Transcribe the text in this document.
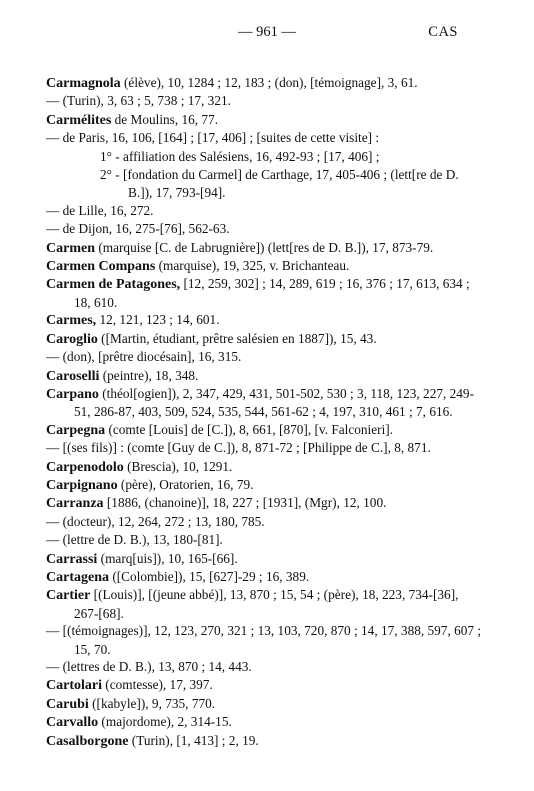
— 961 —	CAS
Carmagnola (élève), 10, 1284 ; 12, 183 ; (don), [témoignage], 3, 61.
— (Turin), 3, 63 ; 5, 738 ; 17, 321.
Carmélites de Moulins, 16, 77.
— de Paris, 16, 106, [164] ; [17, 406] ; [suites de cette visite] :
1° - affiliation des Salésiens, 16, 492-93 ; [17, 406] ;
2° - [fondation du Carmel] de Carthage, 17, 405-406 ; (lett[re de D. B.]), 17, 793-[94].
— de Lille, 16, 272.
— de Dijon, 16, 275-[76], 562-63.
Carmen (marquise [C. de Labrugnière]) (lett[res de D. B.]), 17, 873-79.
Carmen Compans (marquise), 19, 325, v. Brichanteau.
Carmen de Patagones, [12, 259, 302] ; 14, 289, 619 ; 16, 376 ; 17, 613, 634 ; 18, 610.
Carmes, 12, 121, 123 ; 14, 601.
Caroglio ([Martin, étudiant, prêtre salésien en 1887]), 15, 43.
— (don), [prêtre diocésain], 16, 315.
Caroselli (peintre), 18, 348.
Carpano (théol[ogien]), 2, 347, 429, 431, 501-502, 530 ; 3, 118, 123, 227, 249-51, 286-87, 403, 509, 524, 535, 544, 561-62 ; 4, 197, 310, 461 ; 7, 616.
Carpegna (comte [Louis] de [C.]), 8, 661, [870], [v. Falconieri].
— [(ses fils)] : (comte [Guy de C.]), 8, 871-72 ; [Philippe de C.], 8, 871.
Carpenodolo (Brescia), 10, 1291.
Carpignano (père), Oratorien, 16, 79.
Carranza [1886, (chanoine)], 18, 227 ; [1931], (Mgr), 12, 100.
— (docteur), 12, 264, 272 ; 13, 180, 785.
— (lettre de D. B.), 13, 180-[81].
Carrassi (marq[uis]), 10, 165-[66].
Cartagena ([Colombie]), 15, [627]-29 ; 16, 389.
Cartier [(Louis)], [(jeune abbé)], 13, 870 ; 15, 54 ; (père), 18, 223, 734-[36], 267-[68].
— [(témoignages)], 12, 123, 270, 321 ; 13, 103, 720, 870 ; 14, 17, 388, 597, 607 ; 15, 70.
— (lettres de D. B.), 13, 870 ; 14, 443.
Cartolari (comtesse), 17, 397.
Carubi ([kabyle]), 9, 735, 770.
Carvallo (majordome), 2, 314-15.
Casalborgone (Turin), [1, 413] ; 2, 19.
